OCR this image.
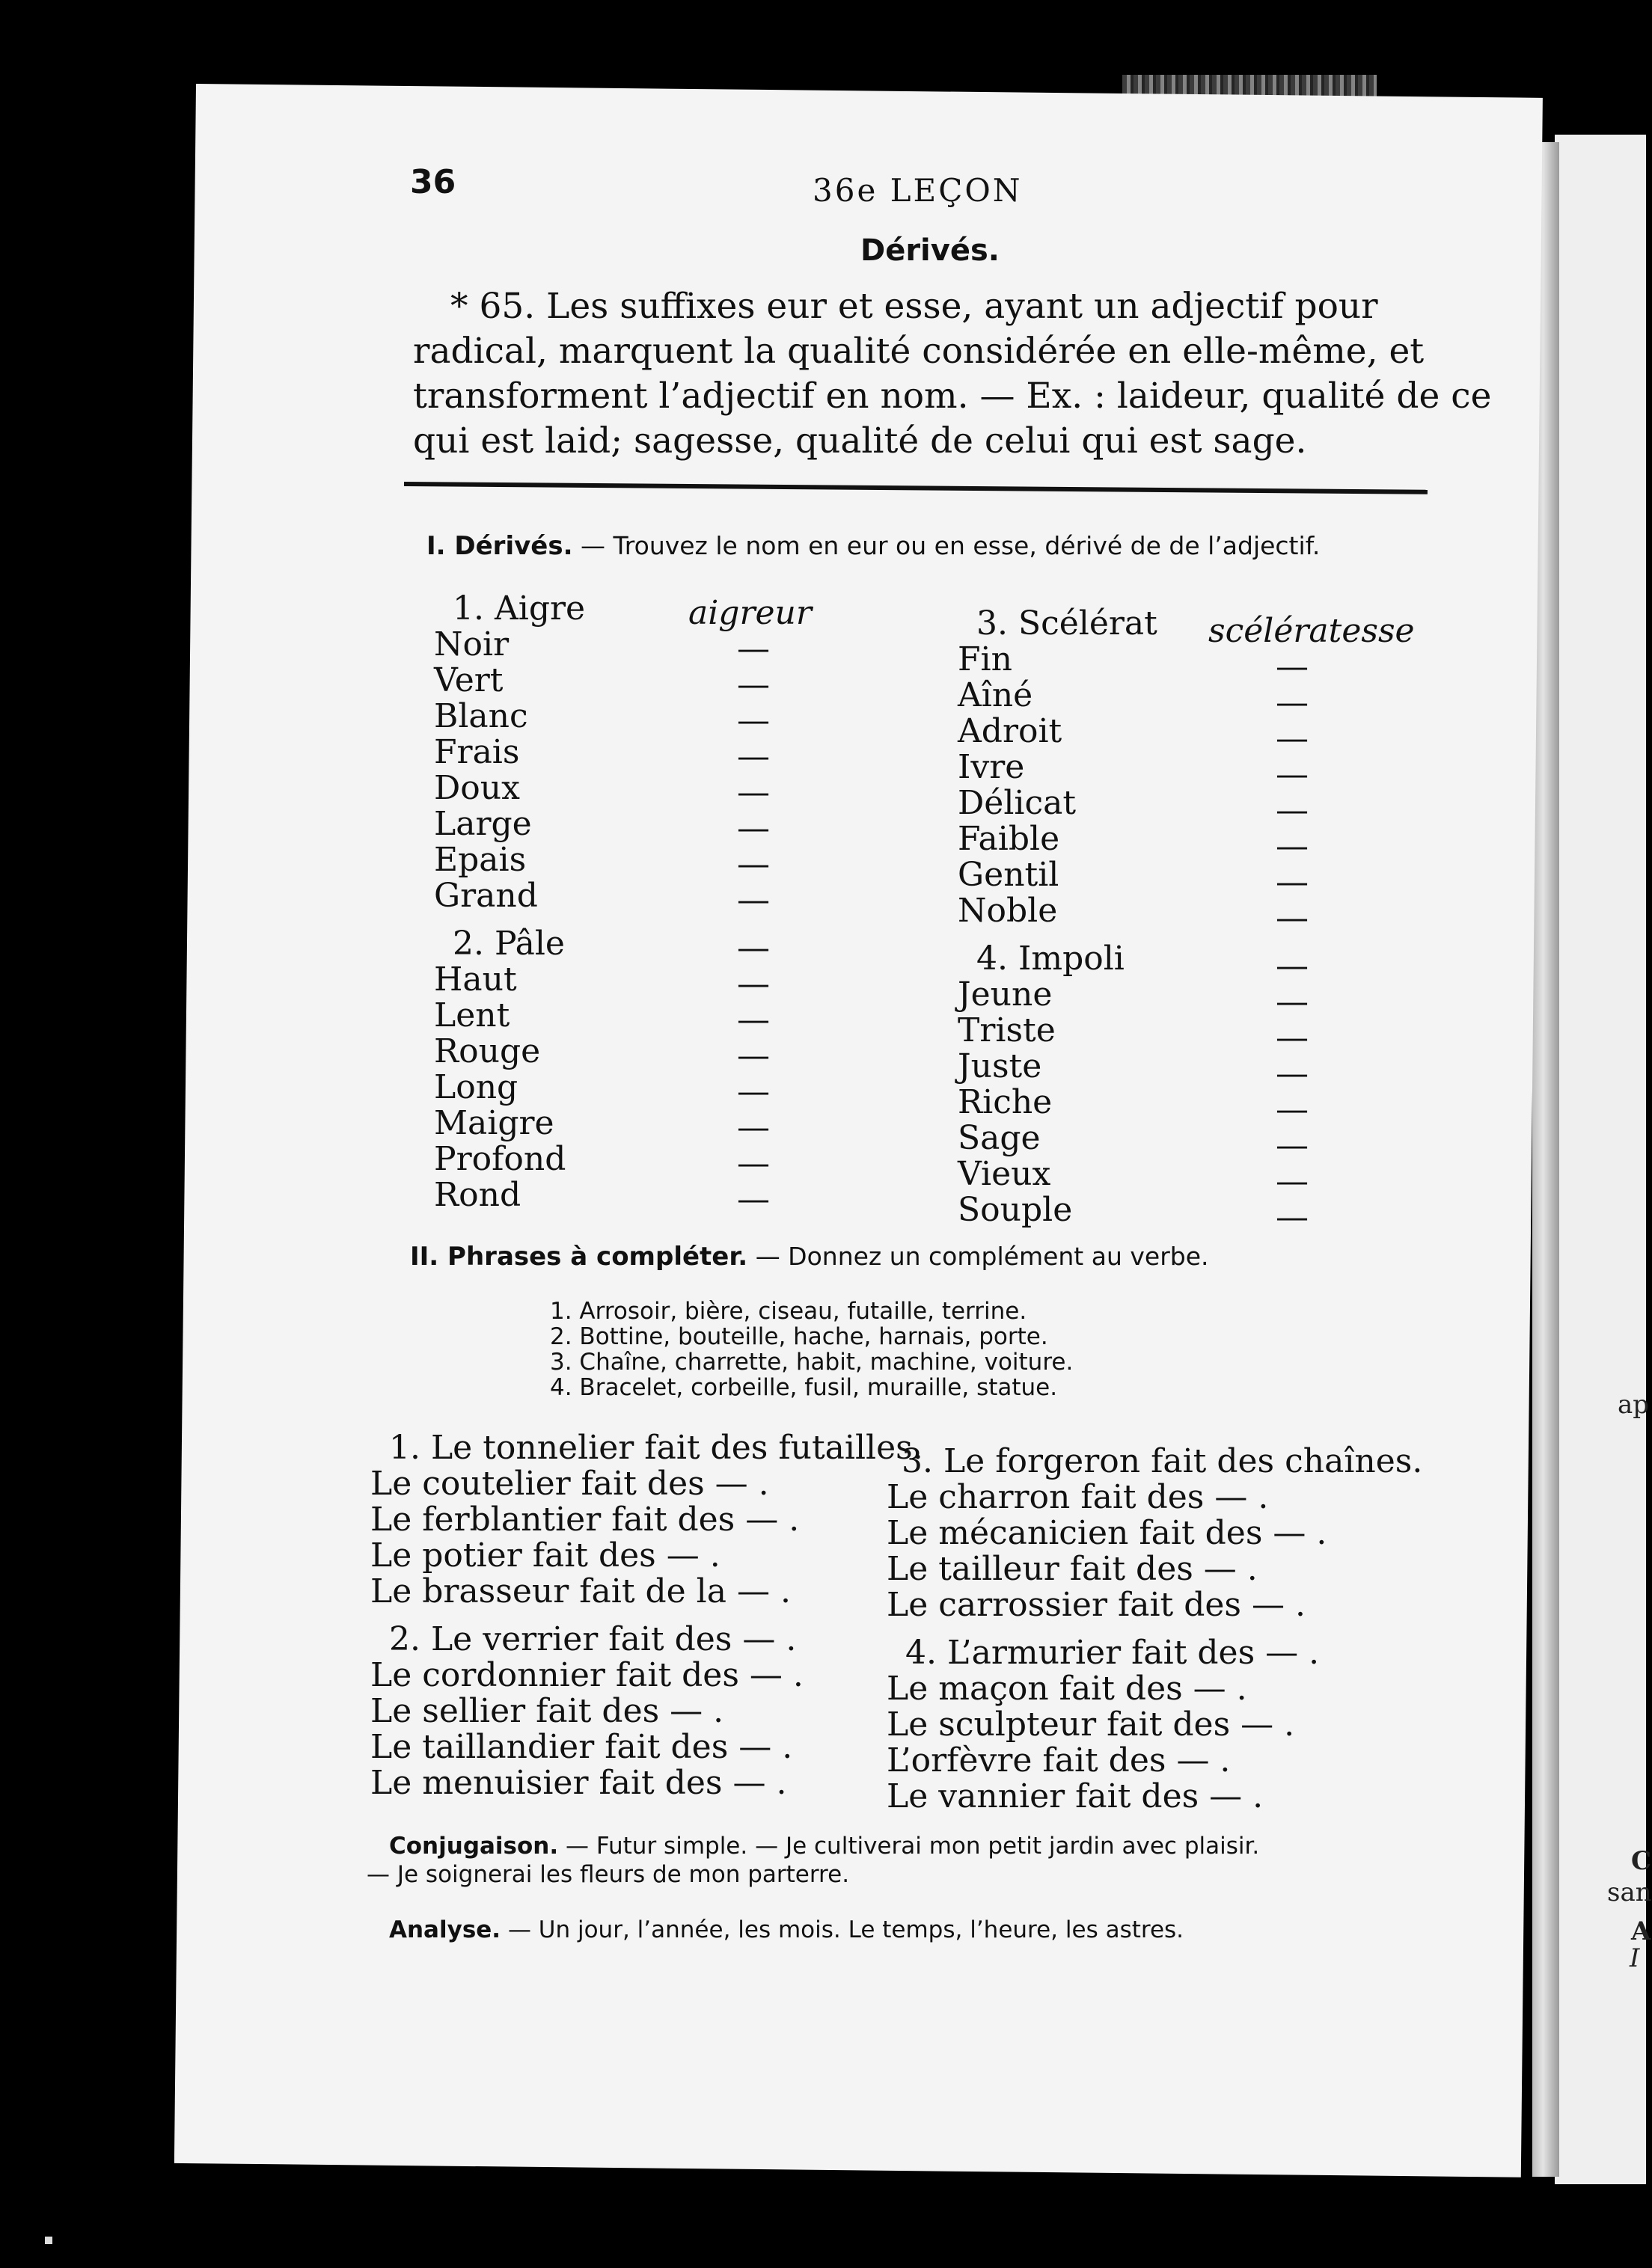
36	36e LEÇON
Dérivés.
* 65. Les suffixes eur et esse, ayant un adjectif pour
radical, marquent la qualité considérée en elle-même, et
transforment l’adjectif en nom. — Ex. : laideur, qualité de ce
qui est laid; sagesse, qualité de celui qui est sage.
I. Dérivés. — Trouvez le nom en eur ou en esse, dérivé de de l’adjectif.
1. Aigre
Noir
Vert
Blanc
Frais
Doux
Large
Epais
Grand
2. Pâle
Haut
Lent
Rouge
Long
Maigre
Profond
Rond
aigreur
—
—
—
—
—
—
—
—
—
—
—
—
—
—
—
—
3. Scélérat
Fin
Aîné
Adroit
Ivre
Délicat
Faible
Gentil
Noble
4. Impoli
Jeune
Triste
Juste
Riche
Sage
Vieux
Souple
scélératesse
—
—
—
—
—
—
—
—
—
—
—
—
—
—
—
—
II. Phrases à compléter. — Donnez un complément au verbe.
1. Arrosoir, bière, ciseau, futaille, terrine.
2. Bottine, bouteille, hache, harnais, porte.
3. Chaîne, charrette, habit, machine, voiture.
4. Bracelet, corbeille, fusil, muraille, statue.
1. Le tonnelier fait des futailles.
Le coutelier fait des — .
Le ferblantier fait des — .
Le potier fait des — .
Le brasseur fait de la — .
2. Le verrier fait des — .
Le cordonnier fait des — .
Le sellier fait des — .
Le taillandier fait des — .
Le menuisier fait des — .
3. Le forgeron fait des chaînes.
Le charron fait des — .
Le mécanicien fait des — .
Le tailleur fait des — .
Le carrossier fait des — .
4. L’armurier fait des — .
Le maçon fait des — .
Le sculpteur fait des — .
L’orfèvre fait des — .
Le vannier fait des — .
Conjugaison. — Futur simple. — Je cultiverai mon petit jardin avec plaisir.
— Je soignerai les fleurs de mon parterre.
Analyse. — Un jour, l’année, les mois. Le temps, l’heure, les astres.
ap
C
san
A
I
